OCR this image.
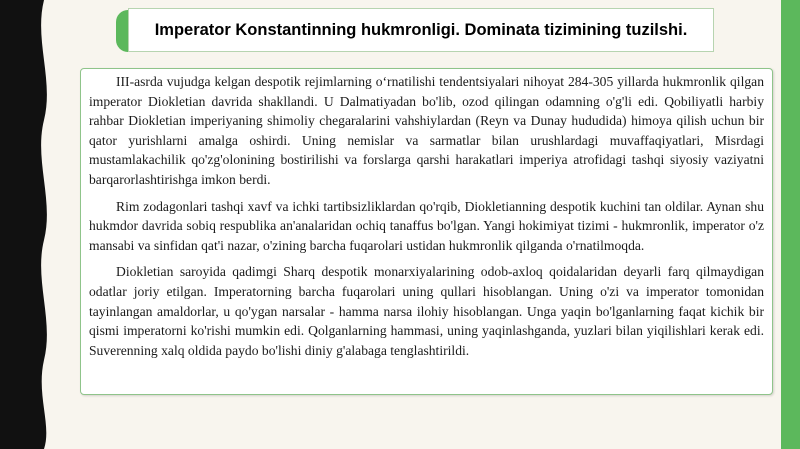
Imperator Konstantinning hukmronligi. Dominata tizimining tuzilshi.

III-asrda vujudga kelgan despotik rejimlarning o‘rnatilishi tendentsiyalari nihoyat 284-305 yillarda hukmronlik qilgan imperator Diokletian davrida shakllandi. U Dalmatiyadan bo'lib, ozod qilingan odamning o'g'li edi. Qobiliyatli harbiy rahbar Diokletian imperiyaning shimoliy chegaralarini vahshiylardan (Reyn va Dunay hududida) himoya qilish uchun bir qator yurishlarni amalga oshirdi. Uning nemislar va sarmatlar bilan urushlardagi muvaffaqiyatlari, Misrdagi mustamlakachilik qo'zg'olonining bostirilishi va forslarga qarshi harakatlari imperiya atrofidagi tashqi siyosiy vaziyatni barqarorlashtirishga imkon berdi.

Rim zodagonlari tashqi xavf va ichki tartibsizliklardan qo'rqib, Diokletianning despotik kuchini tan oldilar. Aynan shu hukmdor davrida sobiq respublika an'analaridan ochiq tanaffus bo'lgan. Yangi hokimiyat tizimi - hukmronlik, imperator o'z mansabi va sinfidan qat'i nazar, o'zining barcha fuqarolari ustidan hukmronlik qilganda o'rnatilmoqda.

Diokletian saroyida qadimgi Sharq despotik monarxiyalarining odob-axloq qoidalaridan deyarli farq qilmaydigan odatlar joriy etilgan. Imperatorning barcha fuqarolari uning qullari hisoblangan. Uning o'zi va imperator tomonidan tayinlangan amaldorlar, u qo'ygan narsalar - hamma narsa ilohiy hisoblangan. Unga yaqin bo'lganlarning faqat kichik bir qismi imperatorni ko'rishi mumkin edi. Qolganlarning hammasi, uning yaqinlashganda, yuzlari bilan yiqilishlari kerak edi. Suverenning xalq oldida paydo bo'lishi diniy g'alabaga tenglashtirildi.
